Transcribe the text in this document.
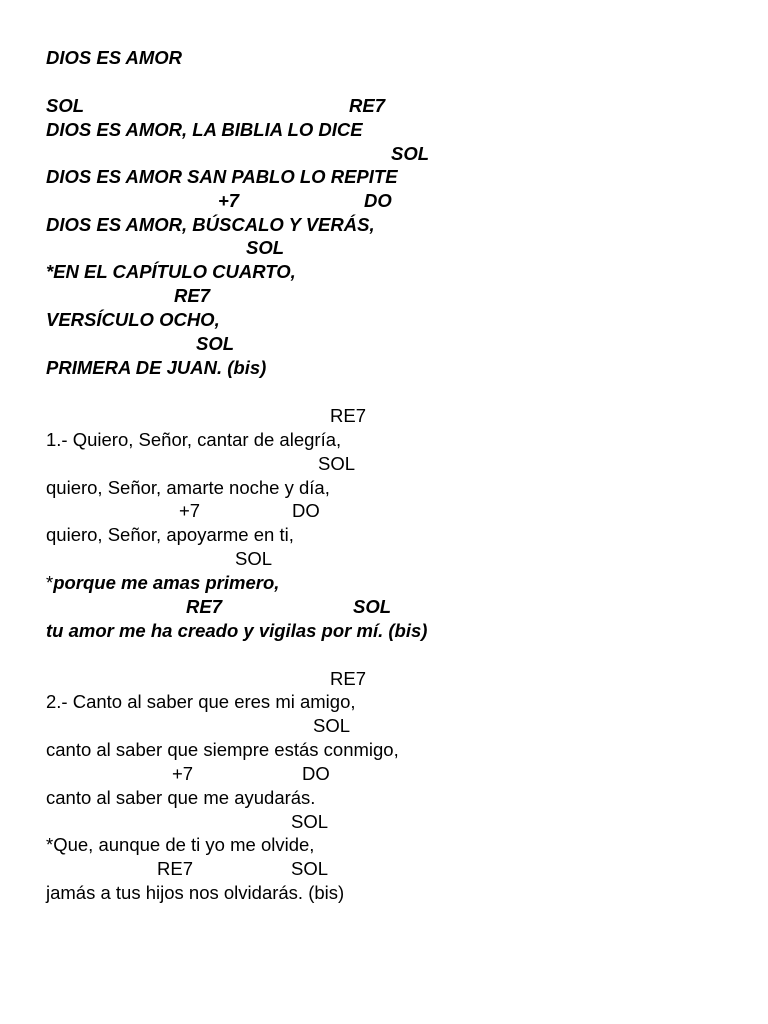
DIOS ES AMOR
SOL	RE7
DIOS ES AMOR, LA BIBLIA LO DICE
SOL
DIOS ES AMOR SAN PABLO LO REPITE
+7	DO
DIOS ES AMOR, BÚSCALO Y VERÁS,
SOL
*EN EL CAPÍTULO CUARTO,
RE7
VERSÍCULO OCHO,
SOL
PRIMERA DE JUAN. (bis)
RE7
1.- Quiero, Señor, cantar de alegría,
SOL
quiero, Señor, amarte noche y día,
+7	DO
quiero, Señor, apoyarme en ti,
SOL
*porque me amas primero,
RE7	SOL
tu amor me ha creado y vigilas por mí. (bis)
RE7
2.- Canto al saber que eres mi amigo,
SOL
canto al saber que siempre estás conmigo,
+7	DO
canto al saber que me ayudarás.
SOL
*Que, aunque de ti yo me olvide,
RE7	SOL
jamás a tus hijos nos olvidarás. (bis)
